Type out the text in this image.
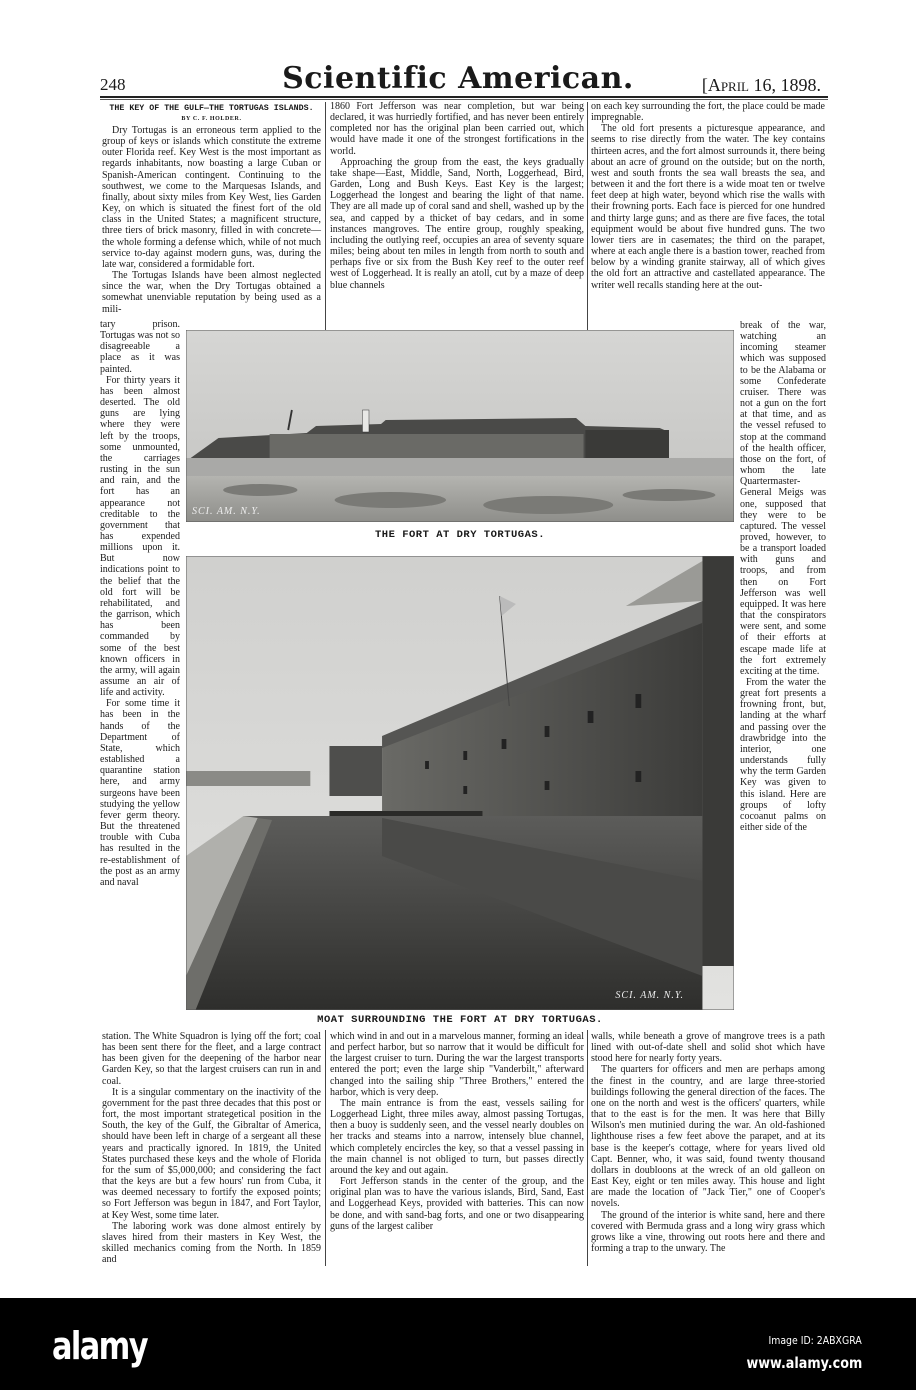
248	Scientific American.	[April 16, 1898.
THE KEY OF THE GULF—THE TORTUGAS ISLANDS.
BY C. F. HOLDER.

Dry Tortugas is an erroneous term applied to the group of keys or islands which constitute the extreme outer Florida reef. Key West is the most important as regards inhabitants, now boasting a large Cuban or Spanish-American contingent. Continuing to the southwest, we come to the Marquesas Islands, and finally, about sixty miles from Key West, lies Garden Key, on which is situated the finest fort of the old class in the United States; a magnificent structure, three tiers of brick masonry, filled in with concrete—the whole forming a defense which, while of not much service to-day against modern guns, was, during the late war, considered a formidable fort.

The Tortugas Islands have been almost neglected since the war, when the Dry Tortugas obtained a somewhat unenviable reputation by being used as a mili-

tary prison. Tortugas was not so disagreeable a place as it was painted.

For thirty years it has been almost deserted. The old guns are lying where they were left by the troops, some unmounted, the carriages rusting in the sun and rain, and the fort has an appearance not creditable to the government that has expended millions upon it. But now indications point to the belief that the old fort will be rehabilitated, and the garrison, which has been commanded by some of the best known officers in the army, will again assume an air of life and activity.

For some time it has been in the hands of the Department of State, which established a quarantine station here, and army surgeons have been studying the yellow fever germ theory. But the threatened trouble with Cuba has resulted in the re-establishment of the post as an army and naval

1860 Fort Jefferson was near completion, but war being declared, it was hurriedly fortified, and has never been entirely completed nor has the original plan been carried out, which would have made it one of the strongest fortifications in the world.

Approaching the group from the east, the keys gradually take shape—East, Middle, Sand, North, Loggerhead, Bird, Garden, Long and Bush Keys. East Key is the largest; Loggerhead the longest and bearing the light of that name. They are all made up of coral sand and shell, washed up by the sea, and capped by a thicket of bay cedars, and in some instances mangroves. The entire group, roughly speaking, including the outlying reef, occupies an area of seventy square miles; being about ten miles in length from north to south and perhaps five or six from the Bush Key reef to the outer reef west of Loggerhead. It is really an atoll, cut by a maze of deep blue channels

on each key surrounding the fort, the place could be made impregnable.

The old fort presents a picturesque appearance, and seems to rise directly from the water. The key contains thirteen acres, and the fort almost surrounds it, there being about an acre of ground on the outside; but on the north, west and south fronts the sea wall breasts the sea, and between it and the fort there is a wide moat ten or twelve feet deep at high water, beyond which rise the walls with their frowning ports. Each face is pierced for one hundred and thirty large guns; and as there are five faces, the total equipment would be about five hundred guns. The two lower tiers are in casemates; the third on the parapet, where at each angle there is a bastion tower, reached from below by a winding granite stairway, all of which gives the old fort an attractive and castellated appearance. The writer well recalls standing here at the out-

break of the war, watching an incoming steamer which was supposed to be the Alabama or some Confederate cruiser. There was not a gun on the fort at that time, and as the vessel refused to stop at the command of the health officer, those on the fort, of whom the late Quartermaster-General Meigs was one, supposed that they were to be captured. The vessel proved, however, to be a transport loaded with guns and troops, and from then on Fort Jefferson was well equipped. It was here that the conspirators were sent, and some of their efforts at escape made life at the fort extremely exciting at the time.

From the water the great fort presents a frowning front, but, landing at the wharf and passing over the drawbridge into the interior, one understands fully why the term Garden Key was given to this island. Here are groups of lofty cocoanut palms on either side of the

SCI. AM. N.Y.
THE FORT AT DRY TORTUGAS.
SCI. AM. N.Y.
MOAT SURROUNDING THE FORT AT DRY TORTUGAS.

station. The White Squadron is lying off the fort; coal has been sent there for the fleet, and a large contract has been given for the deepening of the harbor near Garden Key, so that the largest cruisers can run in and coal.

It is a singular commentary on the inactivity of the government for the past three decades that this post or fort, the most important strategetical position in the South, the key of the Gulf, the Gibraltar of America, should have been left in charge of a sergeant all these years and practically ignored. In 1819, the United States purchased these keys and the whole of Florida for the sum of $5,000,000; and considering the fact that the keys are but a few hours' run from Cuba, it was deemed necessary to fortify the exposed points; so Fort Jefferson was begun in 1847, and Fort Taylor, at Key West, some time later.

The laboring work was done almost entirely by slaves hired from their masters in Key West, the skilled mechanics coming from the North. In 1859 and

which wind in and out in a marvelous manner, forming an ideal and perfect harbor, but so narrow that it would be difficult for the largest cruiser to turn. During the war the largest transports entered the port; even the large ship "Vanderbilt," afterward changed into the sailing ship "Three Brothers," entered the harbor, which is very deep.

The main entrance is from the east, vessels sailing for Loggerhead Light, three miles away, almost passing Tortugas, then a buoy is suddenly seen, and the vessel nearly doubles on her tracks and steams into a narrow, intensely blue channel, which completely encircles the key, so that a vessel passing in the main channel is not obliged to turn, but passes directly around the key and out again.

Fort Jefferson stands in the center of the group, and the original plan was to have the various islands, Bird, Sand, East and Loggerhead Keys, provided with batteries. This can now be done, and with sand-bag forts, and one or two disappearing guns of the largest caliber

walls, while beneath a grove of mangrove trees is a path lined with out-of-date shell and solid shot which have stood here for nearly forty years.

The quarters for officers and men are perhaps among the finest in the country, and are large three-storied buildings following the general direction of the faces. The one on the north and west is the officers' quarters, while that to the east is for the men. It was here that Billy Wilson's men mutinied during the war. An old-fashioned lighthouse rises a few feet above the parapet, and at its base is the keeper's cottage, where for years lived old Capt. Benner, who, it was said, found twenty thousand dollars in doubloons at the wreck of an old galleon on East Key, eight or ten miles away. This house and light are made the location of "Jack Tier," one of Cooper's novels.

The ground of the interior is white sand, here and there covered with Bermuda grass and a long wiry grass which grows like a vine, throwing out roots here and there and forming a trap to the unwary. The

alamy	Image ID: 2ABXGRA
www.alamy.com
